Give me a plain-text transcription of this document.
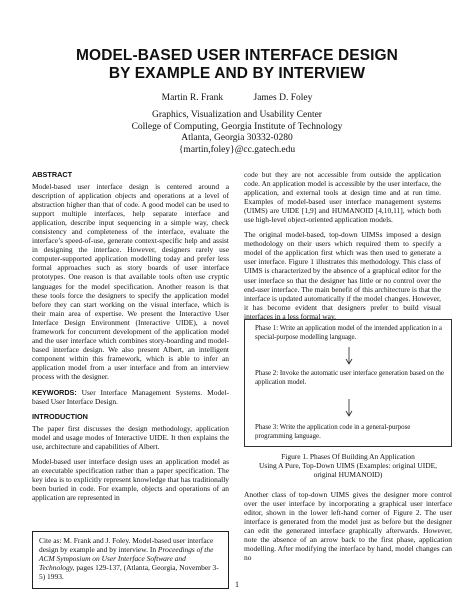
MODEL-BASED USER INTERFACE DESIGN
BY EXAMPLE AND BY INTERVIEW
Martin R. Frank	James D. Foley
Graphics, Visualization and Usability Center
College of Computing, Georgia Institute of Technology
Atlanta, Georgia 30332-0280
{martin,foley}@cc.gatech.edu
ABSTRACT
Model-based user interface design is centered around a description of application objects and operations at a level of abstraction higher than that of code. A good model can be used to support multiple interfaces, help separate interface and application, describe input sequencing in a simple way, check consistency and completeness of the interface, evaluate the interface’s speed-of-use, generate context-specific help and assist in designing the interface. However, designers rarely use computer-supported application modelling today and prefer less formal approaches such as story boards of user interface prototypes. One reason is that available tools often use cryptic languages for the model specification. Another reason is that these tools force the designers to specify the application model before they can start working on the visual interface, which is their main area of expertise. We present the Interactive User Interface Design Environment (Interactive UIDE), a novel framework for concurrent development of the application model and the user interface which combines story-boarding and model-based interface design. We also present Albert, an intelligent component within this framework, which is able to infer an application model from a user interface and from an interview process with the designer.
KEYWORDS: User Interface Management Systems. Model-based User Interface Design.
INTRODUCTION
The paper first discusses the design methodology, application model and usage modes of Interactive UIDE. It then explains the use, architecture and capabilities of Albert.
Model-based user interface design uses an application model as an executable specification rather than a paper specification. The key idea is to explicitly represent knowledge that has traditionally been buried in code. For example, objects and operations of an application are represented in
Cite as: M. Frank and J. Foley. Model-based user interface design by example and by interview. In Proceedings of the ACM Symposium on User Interface Software and Technology, pages 129-137, (Atlanta, Georgia, November 3-5) 1993.
code but they are not accessible from outside the application code. An application model is accessible by the user interface, the application, and external tools at design time and at run time. Examples of model-based user interface management systems (UIMS) are UIDE [1,9] and HUMANOID [4,10,11], which both use high-level object-oriented application models.
The original model-based, top-down UIMSs imposed a design methodology on their users which required them to specify a model of the application first which was then used to generate a user interface. Figure 1 illustrates this methodology. This class of UIMS is characterized by the absence of a graphical editor for the user interface so that the designer has little or no control over the end-user interface. The main benefit of this architecture is that the interface is updated automatically if the model changes. However, it has become evident that designers prefer to build visual interfaces in a less formal way.
Phase 1: Write an application model of the intended application in a special-purpose modelling language.
Phase 2: Invoke the automatic user interface generation based on the application model.
Phase 3: Write the application code in a general-purpose programming language.
Figure 1. Phases Of Building An Application
Using A Pure, Top-Down UIMS (Examples: original UIDE,
original HUMANOID)
Another class of top-down UIMS gives the designer more control over the user interface by incorporating a graphical user interface editor, shown in the lower left-hand corner of Figure 2. The user interface is generated from the model just as before but the designer can edit the generated interface graphically afterwards. However, note the absence of an arrow back to the first phase, application modelling. After modifying the interface by hand, model changes can no
1
